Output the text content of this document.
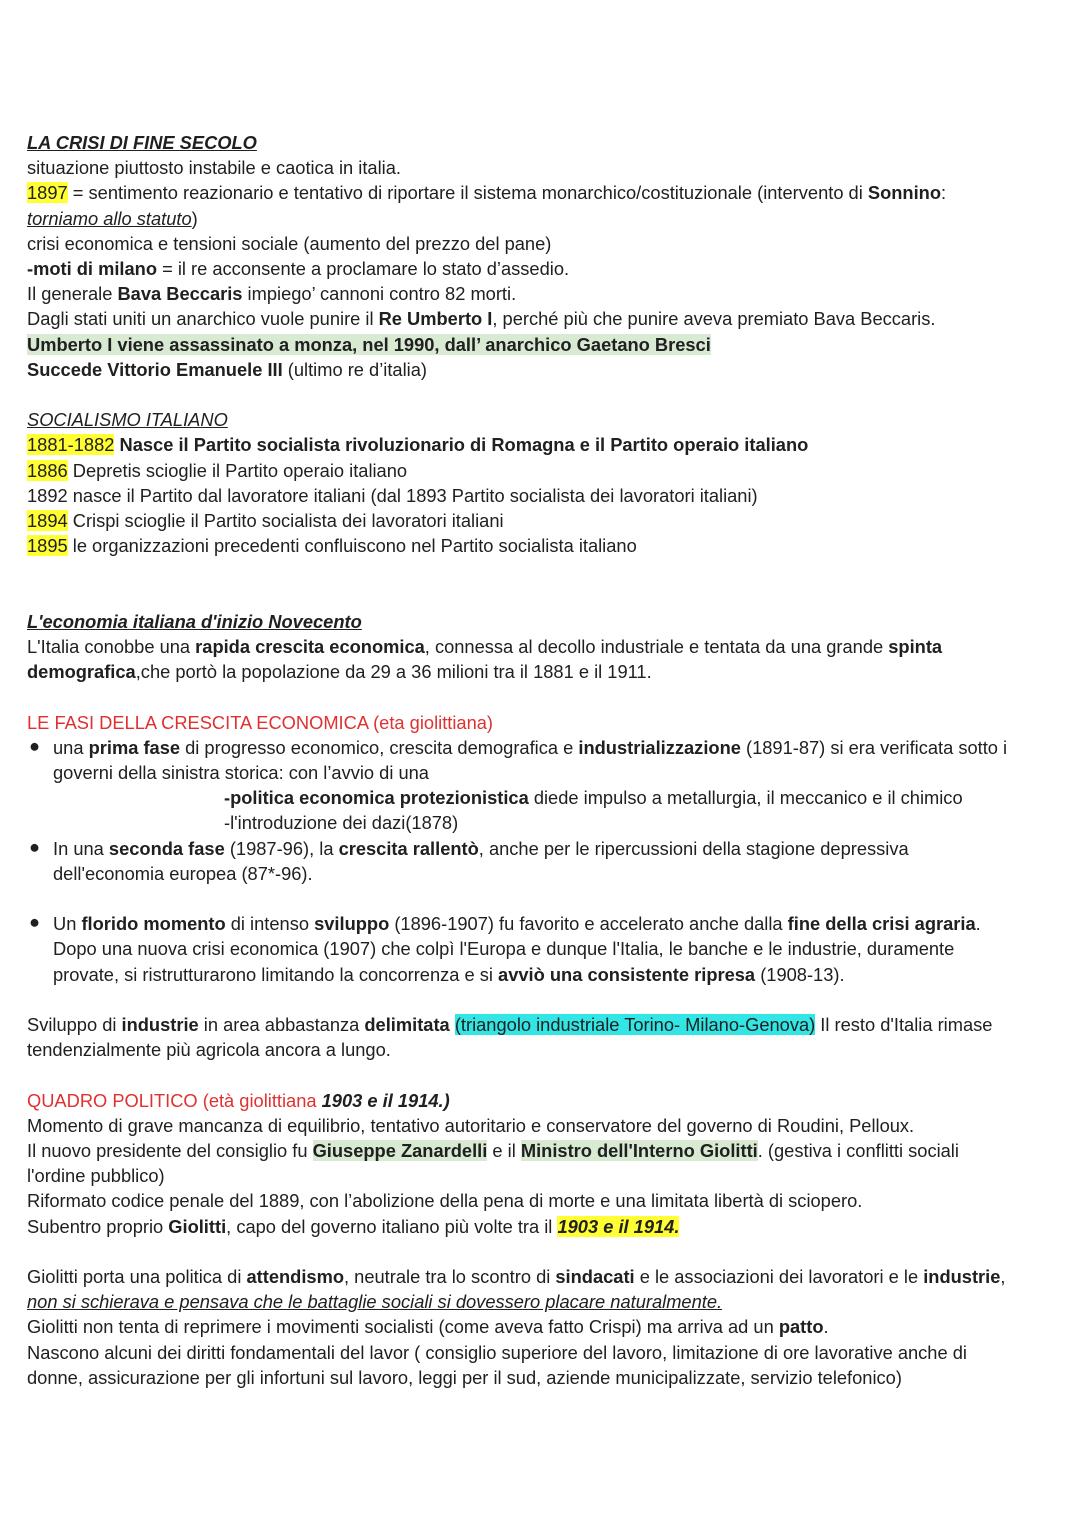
LA CRISI DI FINE SECOLO

situazione piuttosto instabile e caotica in italia.

1897 = sentimento reazionario e tentativo di riportare il sistema monarchico/costituzionale (intervento di Sonnino:

torniamo allo statuto)

crisi economica e tensioni sociale (aumento del prezzo del pane)

-moti di milano = il re acconsente a proclamare lo stato d’assedio.

Il generale Bava Beccaris impiego’ cannoni contro 82 morti.

Dagli stati uniti un anarchico vuole punire il Re Umberto I, perché più che punire aveva premiato Bava Beccaris.

Umberto I viene assassinato a monza, nel 1990, dall’ anarchico Gaetano Bresci

Succede Vittorio Emanuele III (ultimo re d’italia)

SOCIALISMO ITALIANO

1881-1882 Nasce il Partito socialista rivoluzionario di Romagna e il Partito operaio italiano

1886 Depretis scioglie il Partito operaio italiano

1892 nasce il Partito dal lavoratore italiani (dal 1893 Partito socialista dei lavoratori italiani)

1894 Crispi scioglie il Partito socialista dei lavoratori italiani

1895 le organizzazioni precedenti confluiscono nel Partito socialista italiano

L'economia italiana d'inizio Novecento

L'Italia conobbe una rapida crescita economica, connessa al decollo industriale e tentata da una grande spinta

demografica,che portò la popolazione da 29 a 36 milioni tra il 1881 e il 1911.

LE FASI DELLA CRESCITA ECONOMICA (eta giolittiana)

● una prima fase di progresso economico, crescita demografica e industrializzazione (1891-87) si era verificata sotto i

governi della sinistra storica: con l’avvio di una

-politica economica protezionistica diede impulso a metallurgia, il meccanico e il chimico

-l'introduzione dei dazi(1878)

● In una seconda fase (1987-96), la crescita rallentò, anche per le ripercussioni della stagione depressiva

dell'economia europea (87*-96).

● Un florido momento di intenso sviluppo (1896-1907) fu favorito e accelerato anche dalla fine della crisi agraria.

Dopo una nuova crisi economica (1907) che colpì l'Europa e dunque l'Italia, le banche e le industrie, duramente

provate, si ristrutturarono limitando la concorrenza e si avviò una consistente ripresa (1908-13).

Sviluppo di industrie in area abbastanza delimitata (triangolo industriale Torino- Milano-Genova) Il resto d'Italia rimase

tendenzialmente più agricola ancora a lungo.

QUADRO POLITICO (età giolittiana 1903 e il 1914.)

Momento di grave mancanza di equilibrio, tentativo autoritario e conservatore del governo di Roudini, Pelloux.

Il nuovo presidente del consiglio fu Giuseppe Zanardelli e il Ministro dell'Interno Giolitti. (gestiva i conflitti sociali

l'ordine pubblico)

Riformato codice penale del 1889, con l’abolizione della pena di morte e una limitata libertà di sciopero.

Subentro proprio Giolitti, capo del governo italiano più volte tra il 1903 e il 1914.

Giolitti porta una politica di attendismo, neutrale tra lo scontro di sindacati e le associazioni dei lavoratori e le industrie,

non si schierava e pensava che le battaglie sociali si dovessero placare naturalmente.

Giolitti non tenta di reprimere i movimenti socialisti (come aveva fatto Crispi) ma arriva ad un patto.

Nascono alcuni dei diritti fondamentali del lavor ( consiglio superiore del lavoro, limitazione di ore lavorative anche di

donne, assicurazione per gli infortuni sul lavoro, leggi per il sud, aziende municipalizzate, servizio telefonico)
